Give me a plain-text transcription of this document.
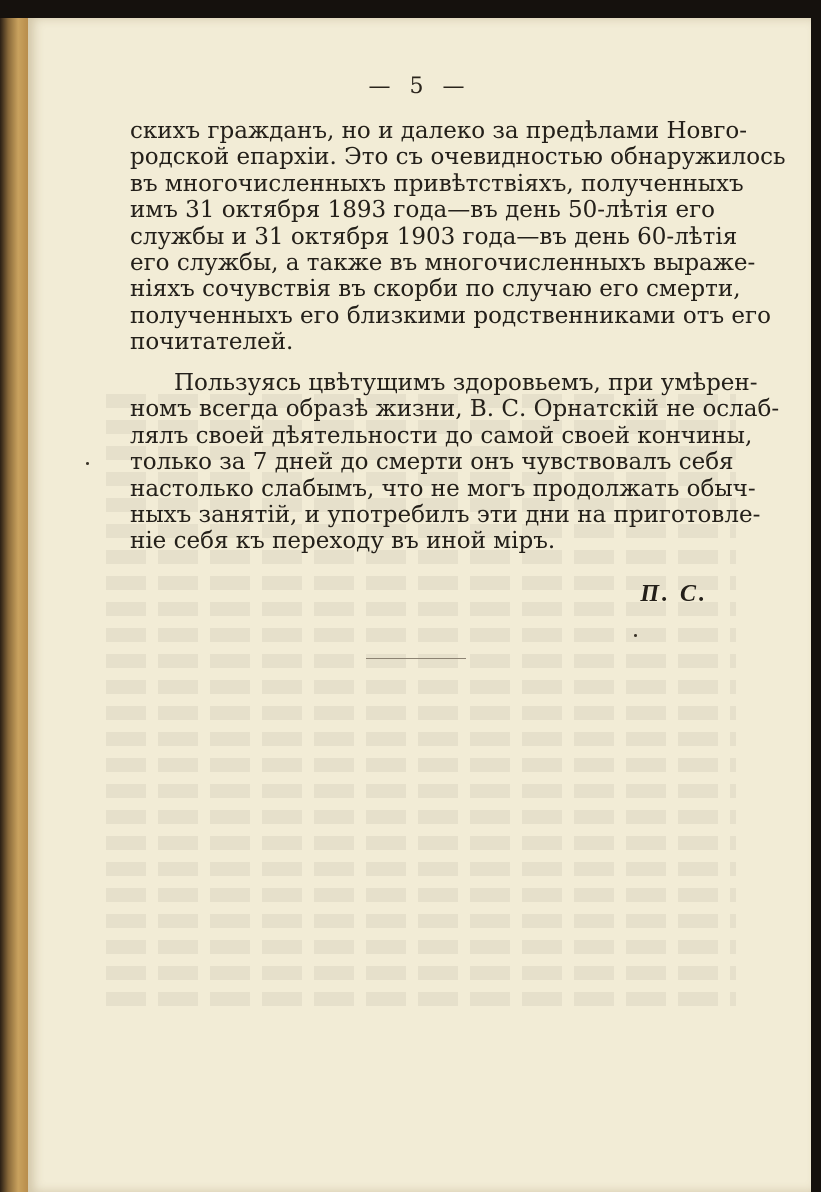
— 5 —
скихъ гражданъ, но и далеко за предѣлами Новго-
родской епархіи. Это съ очевидностью обнаружилось
въ многочисленныхъ привѣтствіяхъ, полученныхъ
имъ 31 октября 1893 года—въ день 50-лѣтія его
службы и 31 октября 1903 года—въ день 60-лѣтія
его службы, а также въ многочисленныхъ выраже-
ніяхъ сочувствія въ скорби по случаю его смерти,
полученныхъ его близкими родственниками отъ его
почитателей.
Пользуясь цвѣтущимъ здоровьемъ, при умѣрен-
номъ всегда образѣ жизни, В. С. Орнатскій не ослаб-
лялъ своей дѣятельности до самой своей кончины,
только за 7 дней до смерти онъ чувствовалъ себя
настолько слабымъ, что не могъ продолжать обыч-
ныхъ занятій, и употребилъ эти дни на приготовле-
ніе себя къ переходу въ иной міръ.
П. С.
